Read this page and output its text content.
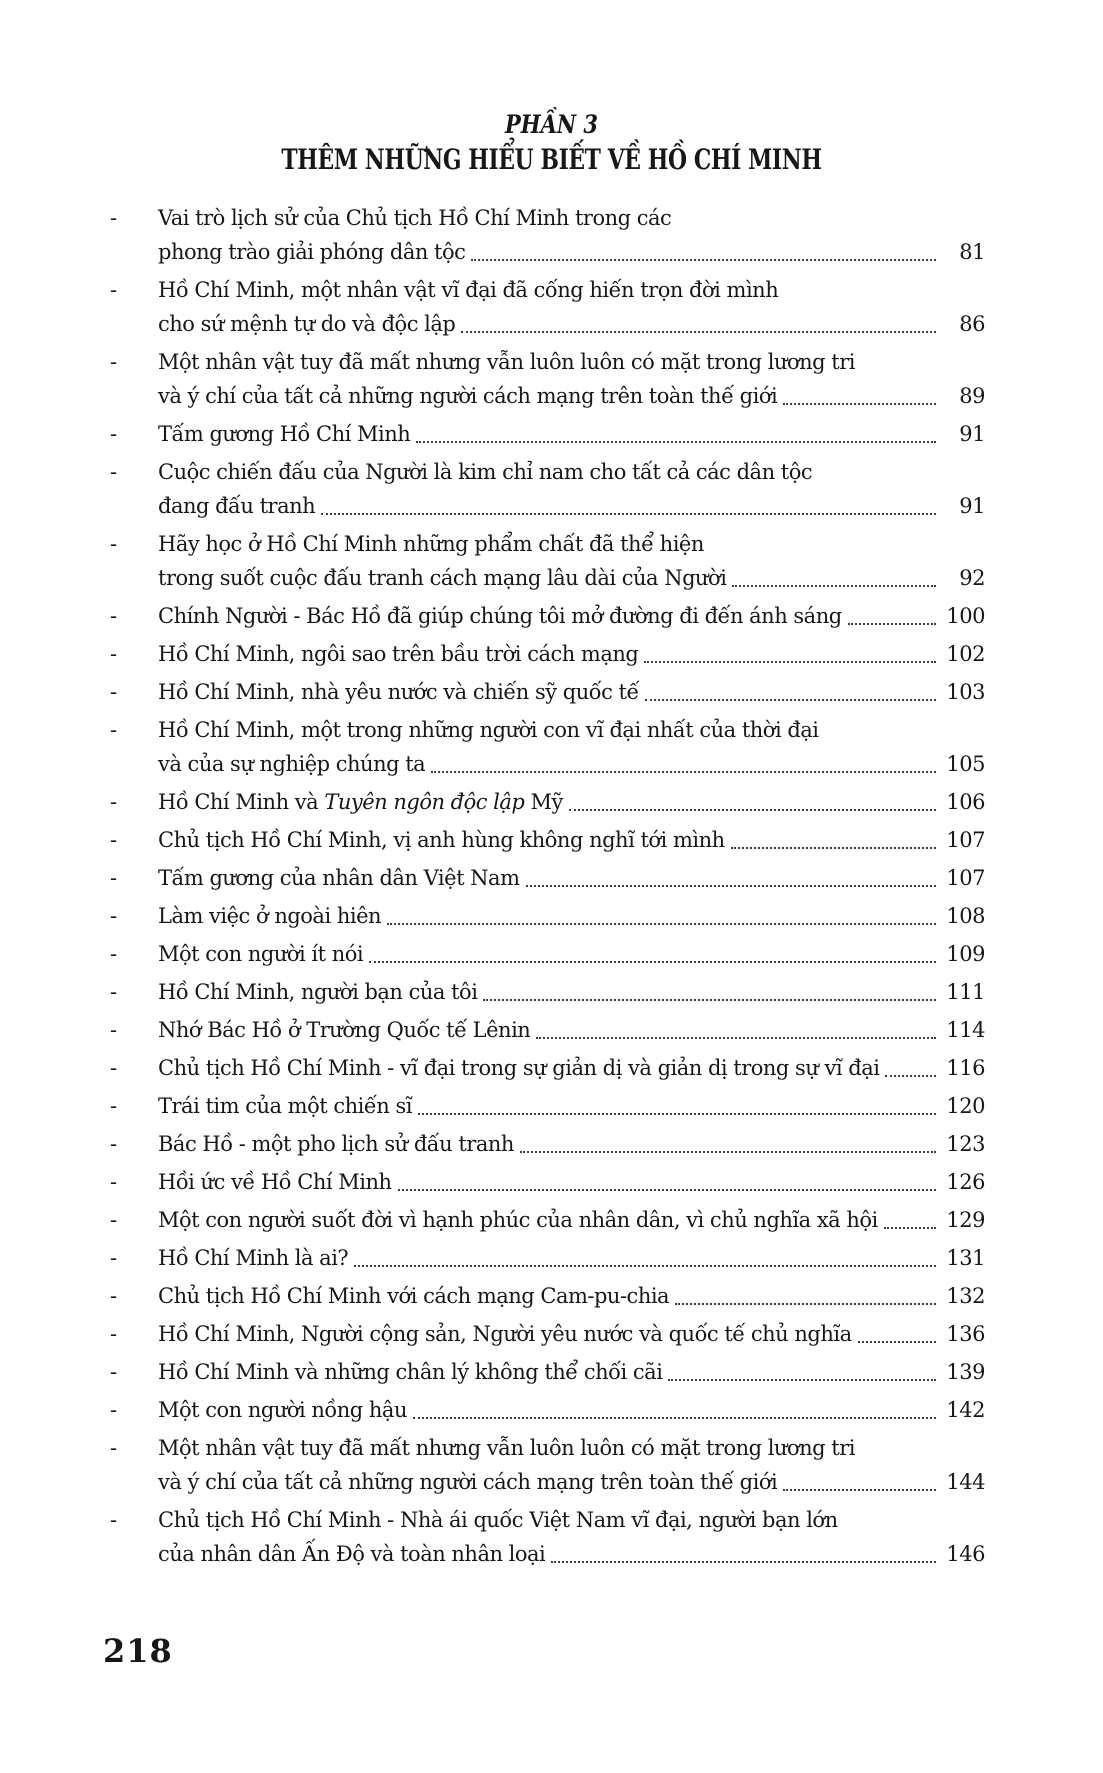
PHẦN 3
THÊM NHỮNG HIỂU BIẾT VỀ HỒ CHÍ MINH
-	Vai trò lịch sử của Chủ tịch Hồ Chí Minh trong các
phong trào giải phóng dân tộc	81
-	Hồ Chí Minh, một nhân vật vĩ đại đã cống hiến trọn đời mình
cho sứ mệnh tự do và độc lập	86
-	Một nhân vật tuy đã mất nhưng vẫn luôn luôn có mặt trong lương tri
và ý chí của tất cả những người cách mạng trên toàn thế giới	89
-	Tấm gương Hồ Chí Minh	91
-	Cuộc chiến đấu của Người là kim chỉ nam cho tất cả các dân tộc
đang đấu tranh	91
-	Hãy học ở Hồ Chí Minh những phẩm chất đã thể hiện
trong suốt cuộc đấu tranh cách mạng lâu dài của Người	92
-	Chính Người - Bác Hồ đã giúp chúng tôi mở đường đi đến ánh sáng	100
-	Hồ Chí Minh, ngôi sao trên bầu trời cách mạng	102
-	Hồ Chí Minh, nhà yêu nước và chiến sỹ quốc tế	103
-	Hồ Chí Minh, một trong những người con vĩ đại nhất của thời đại
và của sự nghiệp chúng ta	105
-	Hồ Chí Minh và Tuyên ngôn độc lập Mỹ	106
-	Chủ tịch Hồ Chí Minh, vị anh hùng không nghĩ tới mình	107
-	Tấm gương của nhân dân Việt Nam	107
-	Làm việc ở ngoài hiên	108
-	Một con người ít nói	109
-	Hồ Chí Minh, người bạn của tôi	111
-	Nhớ Bác Hồ ở Trường Quốc tế Lênin	114
-	Chủ tịch Hồ Chí Minh - vĩ đại trong sự giản dị và giản dị trong sự vĩ đại	116
-	Trái tim của một chiến sĩ	120
-	Bác Hồ - một pho lịch sử đấu tranh	123
-	Hồi ức về Hồ Chí Minh	126
-	Một con người suốt đời vì hạnh phúc của nhân dân, vì chủ nghĩa xã hội	129
-	Hồ Chí Minh là ai?	131
-	Chủ tịch Hồ Chí Minh với cách mạng Cam-pu-chia	132
-	Hồ Chí Minh, Người cộng sản, Người yêu nước và quốc tế chủ nghĩa	136
-	Hồ Chí Minh và những chân lý không thể chối cãi	139
-	Một con người nồng hậu	142
-	Một nhân vật tuy đã mất nhưng vẫn luôn luôn có mặt trong lương tri
và ý chí của tất cả những người cách mạng trên toàn thế giới	144
-	Chủ tịch Hồ Chí Minh - Nhà ái quốc Việt Nam vĩ đại, người bạn lớn
của nhân dân Ấn Độ và toàn nhân loại	146
218
